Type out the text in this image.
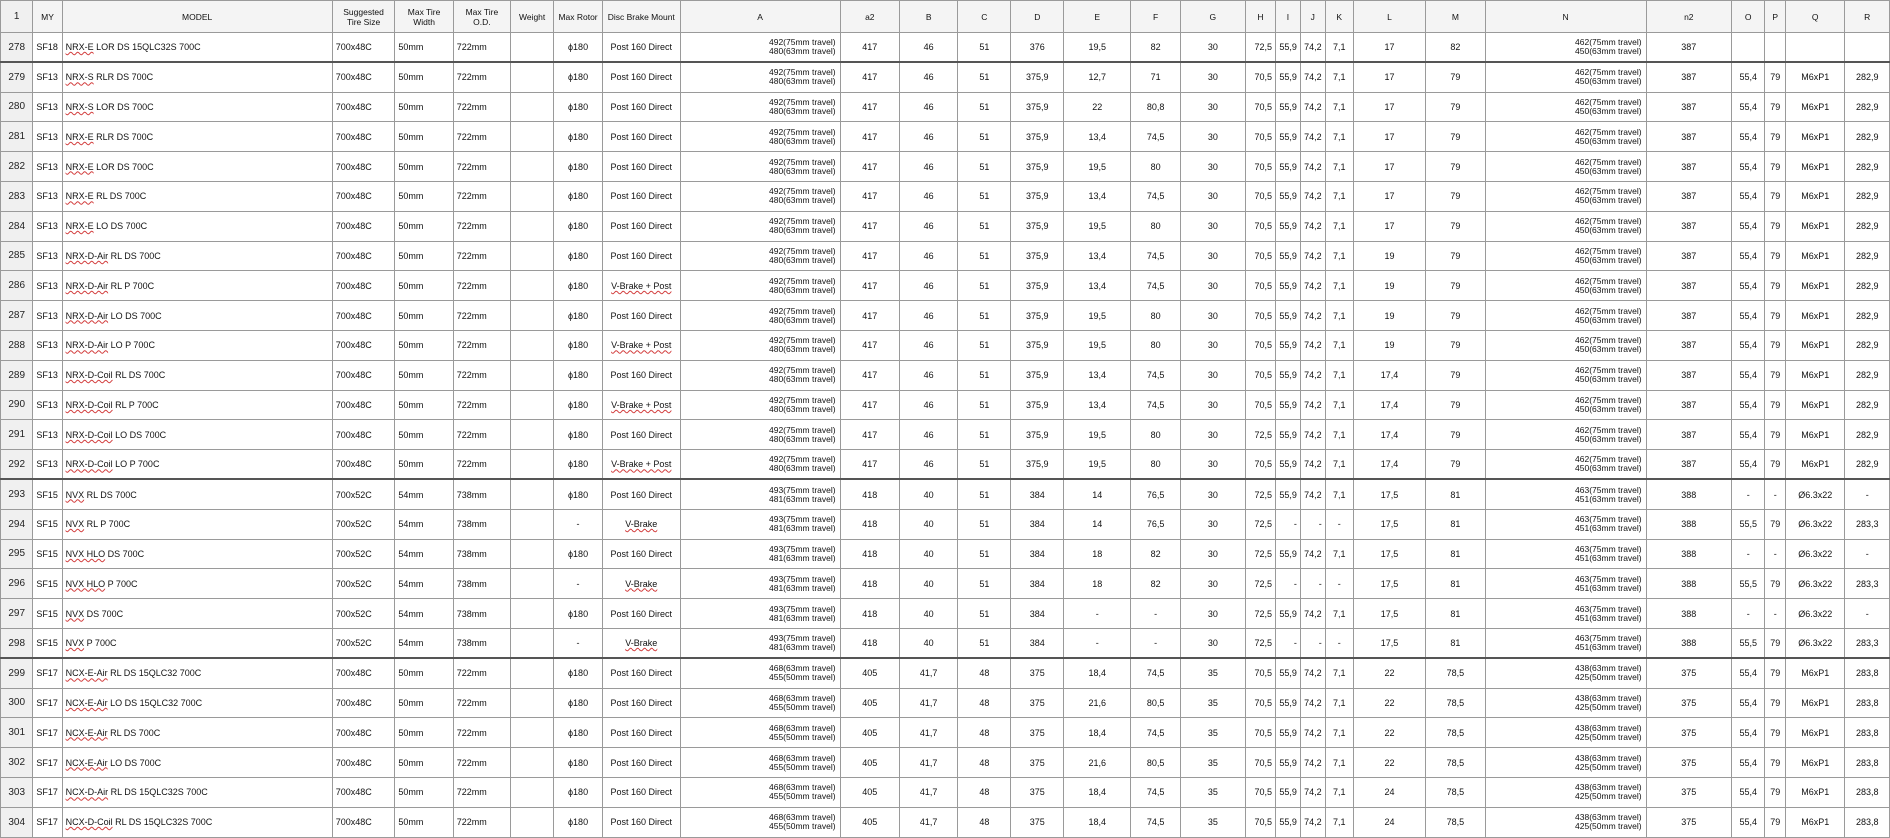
1	MY	MODEL	Suggested Tire Size	Max Tire Width	Max Tire O.D.	Weight	Max Rotor	Disc Brake Mount	A	a2	B	C	D	E	F	G	H	I	J	K	L	M	N	n2	O	P	Q	R
278	SF18	NRX-E LOR DS 15QLC32S 700C	700x48C	50mm	722mm		ϕ180	Post 160 Direct	492(75mm travel)
480(63mm travel)	417	46	51	376	19,5	82	30	72,5	55,9	74,2	7,1	17	82	462(75mm travel)
450(63mm travel)	387				
279	SF13	NRX-S RLR DS 700C	700x48C	50mm	722mm		ϕ180	Post 160 Direct	492(75mm travel)
480(63mm travel)	417	46	51	375,9	12,7	71	30	70,5	55,9	74,2	7,1	17	79	462(75mm travel)
450(63mm travel)	387	55,4	79	M6xP1	282,9
280	SF13	NRX-S LOR DS 700C	700x48C	50mm	722mm		ϕ180	Post 160 Direct	492(75mm travel)
480(63mm travel)	417	46	51	375,9	22	80,8	30	70,5	55,9	74,2	7,1	17	79	462(75mm travel)
450(63mm travel)	387	55,4	79	M6xP1	282,9
281	SF13	NRX-E RLR DS 700C	700x48C	50mm	722mm		ϕ180	Post 160 Direct	492(75mm travel)
480(63mm travel)	417	46	51	375,9	13,4	74,5	30	70,5	55,9	74,2	7,1	17	79	462(75mm travel)
450(63mm travel)	387	55,4	79	M6xP1	282,9
282	SF13	NRX-E LOR DS 700C	700x48C	50mm	722mm		ϕ180	Post 160 Direct	492(75mm travel)
480(63mm travel)	417	46	51	375,9	19,5	80	30	70,5	55,9	74,2	7,1	17	79	462(75mm travel)
450(63mm travel)	387	55,4	79	M6xP1	282,9
283	SF13	NRX-E RL DS 700C	700x48C	50mm	722mm		ϕ180	Post 160 Direct	492(75mm travel)
480(63mm travel)	417	46	51	375,9	13,4	74,5	30	70,5	55,9	74,2	7,1	17	79	462(75mm travel)
450(63mm travel)	387	55,4	79	M6xP1	282,9
284	SF13	NRX-E LO DS 700C	700x48C	50mm	722mm		ϕ180	Post 160 Direct	492(75mm travel)
480(63mm travel)	417	46	51	375,9	19,5	80	30	70,5	55,9	74,2	7,1	17	79	462(75mm travel)
450(63mm travel)	387	55,4	79	M6xP1	282,9
285	SF13	NRX-D-Air RL DS 700C	700x48C	50mm	722mm		ϕ180	Post 160 Direct	492(75mm travel)
480(63mm travel)	417	46	51	375,9	13,4	74,5	30	70,5	55,9	74,2	7,1	19	79	462(75mm travel)
450(63mm travel)	387	55,4	79	M6xP1	282,9
286	SF13	NRX-D-Air RL P 700C	700x48C	50mm	722mm		ϕ180	V-Brake + Post	492(75mm travel)
480(63mm travel)	417	46	51	375,9	13,4	74,5	30	70,5	55,9	74,2	7,1	19	79	462(75mm travel)
450(63mm travel)	387	55,4	79	M6xP1	282,9
287	SF13	NRX-D-Air LO DS 700C	700x48C	50mm	722mm		ϕ180	Post 160 Direct	492(75mm travel)
480(63mm travel)	417	46	51	375,9	19,5	80	30	70,5	55,9	74,2	7,1	19	79	462(75mm travel)
450(63mm travel)	387	55,4	79	M6xP1	282,9
288	SF13	NRX-D-Air LO P 700C	700x48C	50mm	722mm		ϕ180	V-Brake + Post	492(75mm travel)
480(63mm travel)	417	46	51	375,9	19,5	80	30	70,5	55,9	74,2	7,1	19	79	462(75mm travel)
450(63mm travel)	387	55,4	79	M6xP1	282,9
289	SF13	NRX-D-Coil RL DS 700C	700x48C	50mm	722mm		ϕ180	Post 160 Direct	492(75mm travel)
480(63mm travel)	417	46	51	375,9	13,4	74,5	30	70,5	55,9	74,2	7,1	17,4	79	462(75mm travel)
450(63mm travel)	387	55,4	79	M6xP1	282,9
290	SF13	NRX-D-Coil RL P 700C	700x48C	50mm	722mm		ϕ180	V-Brake + Post	492(75mm travel)
480(63mm travel)	417	46	51	375,9	13,4	74,5	30	70,5	55,9	74,2	7,1	17,4	79	462(75mm travel)
450(63mm travel)	387	55,4	79	M6xP1	282,9
291	SF13	NRX-D-Coil LO DS 700C	700x48C	50mm	722mm		ϕ180	Post 160 Direct	492(75mm travel)
480(63mm travel)	417	46	51	375,9	19,5	80	30	72,5	55,9	74,2	7,1	17,4	79	462(75mm travel)
450(63mm travel)	387	55,4	79	M6xP1	282,9
292	SF13	NRX-D-Coil LO P 700C	700x48C	50mm	722mm		ϕ180	V-Brake + Post	492(75mm travel)
480(63mm travel)	417	46	51	375,9	19,5	80	30	70,5	55,9	74,2	7,1	17,4	79	462(75mm travel)
450(63mm travel)	387	55,4	79	M6xP1	282,9
293	SF15	NVX RL DS 700C	700x52C	54mm	738mm		ϕ180	Post 160 Direct	493(75mm travel)
481(63mm travel)	418	40	51	384	14	76,5	30	72,5	55,9	74,2	7,1	17,5	81	463(75mm travel)
451(63mm travel)	388	-	-	Ø6.3x22	-
294	SF15	NVX RL P 700C	700x52C	54mm	738mm		-	V-Brake	493(75mm travel)
481(63mm travel)	418	40	51	384	14	76,5	30	72,5	-	-	-	17,5	81	463(75mm travel)
451(63mm travel)	388	55,5	79	Ø6.3x22	283,3
295	SF15	NVX HLO DS 700C	700x52C	54mm	738mm		ϕ180	Post 160 Direct	493(75mm travel)
481(63mm travel)	418	40	51	384	18	82	30	72,5	55,9	74,2	7,1	17,5	81	463(75mm travel)
451(63mm travel)	388	-	-	Ø6.3x22	-
296	SF15	NVX HLO P 700C	700x52C	54mm	738mm		-	V-Brake	493(75mm travel)
481(63mm travel)	418	40	51	384	18	82	30	72,5	-	-	-	17,5	81	463(75mm travel)
451(63mm travel)	388	55,5	79	Ø6.3x22	283,3
297	SF15	NVX DS 700C	700x52C	54mm	738mm		ϕ180	Post 160 Direct	493(75mm travel)
481(63mm travel)	418	40	51	384	-	-	30	72,5	55,9	74,2	7,1	17,5	81	463(75mm travel)
451(63mm travel)	388	-	-	Ø6.3x22	-
298	SF15	NVX P 700C	700x52C	54mm	738mm		-	V-Brake	493(75mm travel)
481(63mm travel)	418	40	51	384	-	-	30	72,5	-	-	-	17,5	81	463(75mm travel)
451(63mm travel)	388	55,5	79	Ø6.3x22	283,3
299	SF17	NCX-E-Air RL DS 15QLC32 700C	700x48C	50mm	722mm		ϕ180	Post 160 Direct	468(63mm travel)
455(50mm travel)	405	41,7	48	375	18,4	74,5	35	70,5	55,9	74,2	7,1	22	78,5	438(63mm travel)
425(50mm travel)	375	55,4	79	M6xP1	283,8
300	SF17	NCX-E-Air LO DS 15QLC32 700C	700x48C	50mm	722mm		ϕ180	Post 160 Direct	468(63mm travel)
455(50mm travel)	405	41,7	48	375	21,6	80,5	35	70,5	55,9	74,2	7,1	22	78,5	438(63mm travel)
425(50mm travel)	375	55,4	79	M6xP1	283,8
301	SF17	NCX-E-Air RL DS 700C	700x48C	50mm	722mm		ϕ180	Post 160 Direct	468(63mm travel)
455(50mm travel)	405	41,7	48	375	18,4	74,5	35	70,5	55,9	74,2	7,1	22	78,5	438(63mm travel)
425(50mm travel)	375	55,4	79	M6xP1	283,8
302	SF17	NCX-E-Air LO DS 700C	700x48C	50mm	722mm		ϕ180	Post 160 Direct	468(63mm travel)
455(50mm travel)	405	41,7	48	375	21,6	80,5	35	70,5	55,9	74,2	7,1	22	78,5	438(63mm travel)
425(50mm travel)	375	55,4	79	M6xP1	283,8
303	SF17	NCX-D-Air RL DS 15QLC32S 700C	700x48C	50mm	722mm		ϕ180	Post 160 Direct	468(63mm travel)
455(50mm travel)	405	41,7	48	375	18,4	74,5	35	70,5	55,9	74,2	7,1	24	78,5	438(63mm travel)
425(50mm travel)	375	55,4	79	M6xP1	283,8
304	SF17	NCX-D-Coil RL DS 15QLC32S 700C	700x48C	50mm	722mm		ϕ180	Post 160 Direct	468(63mm travel)
455(50mm travel)	405	41,7	48	375	18,4	74,5	35	70,5	55,9	74,2	7,1	24	78,5	438(63mm travel)
425(50mm travel)	375	55,4	79	M6xP1	283,8
